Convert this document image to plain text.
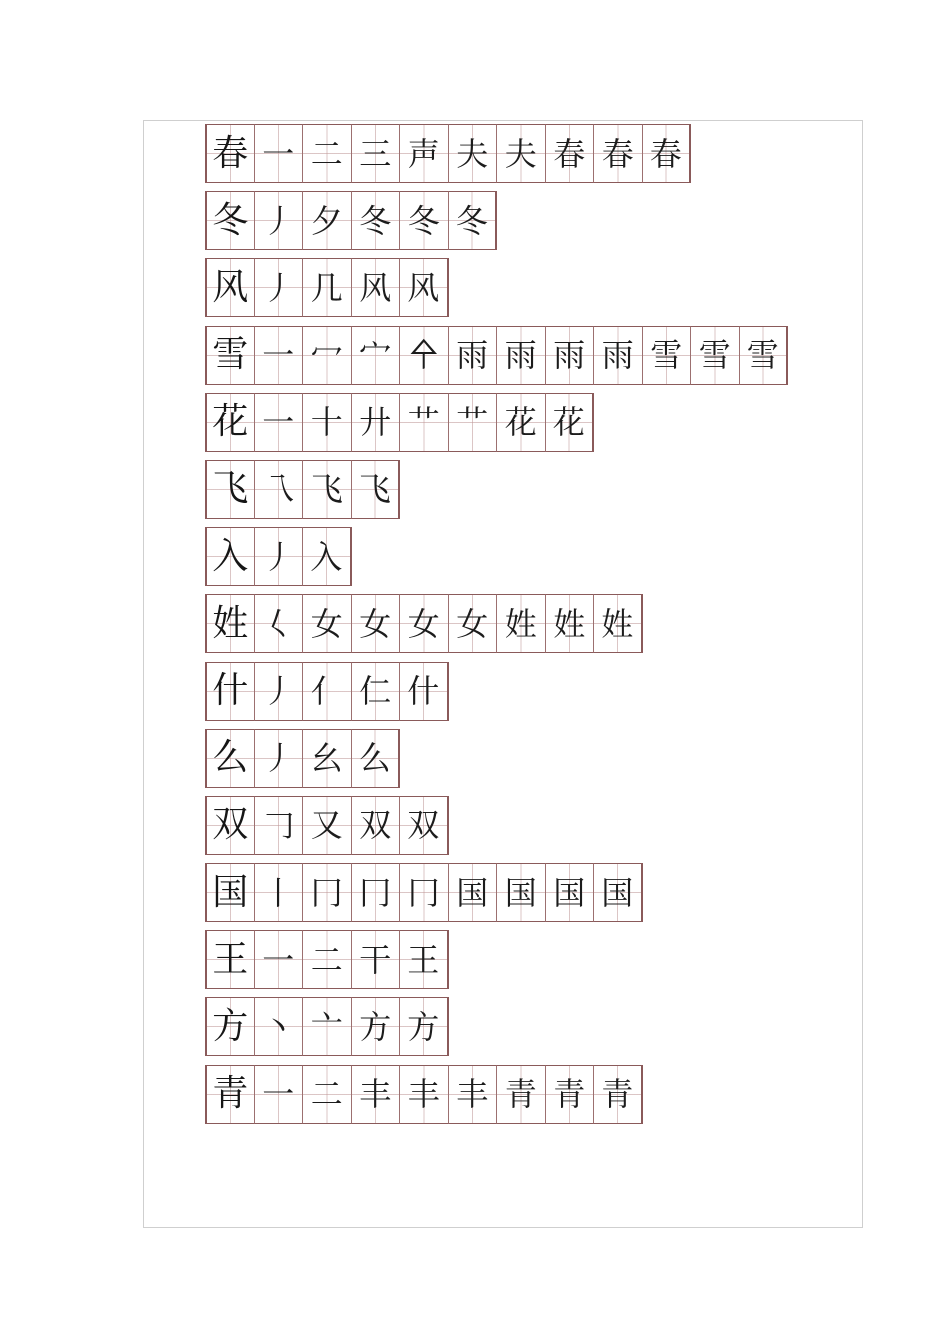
春 一 二 三 声 夫 夫 春 春 春
冬 丿 夕 冬 冬 冬
风 丿 几 风 风
雪 一 冖 宀 㐃 雨 雨 雨 雨 雪 雪 雪
花 一 十 廾 艹 艹 花 花
飞 乁 飞 飞
入 丿 入
姓 𡿨 女 女 女 女 姓 姓 姓
什 丿 亻 仁 什
么 丿 幺 么
双 𠃌 又 双 双
国 丨 冂 冂 冂 国 国 国 国
王 一 二 干 王
方 丶 亠 方 方
青 一 二 丰 丰 丰 青 青 青
